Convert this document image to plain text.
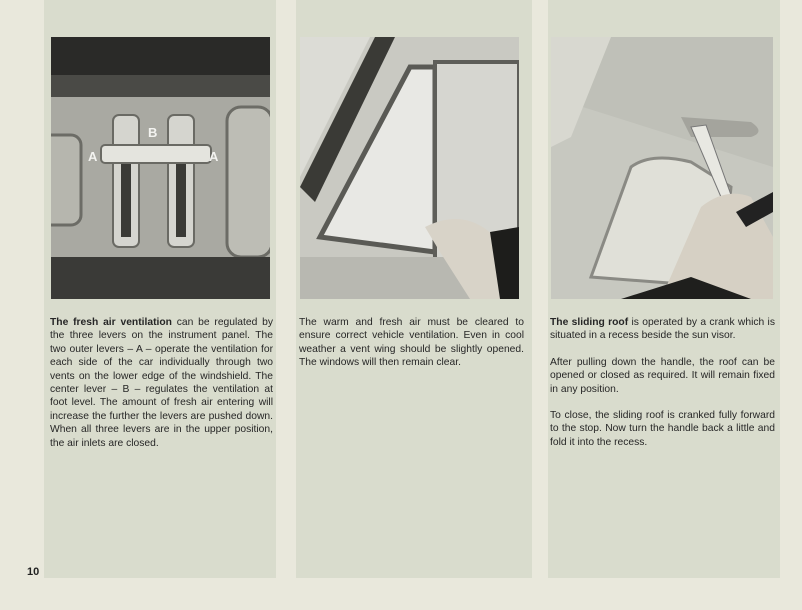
A
B
A

The fresh air ventilation can be regulated by the three levers on the instrument panel. The two outer levers – A – operate the ventilation for each side of the car individually through two vents on the lower edge of the windshield. The center lever – B – regulates the ventilation at foot level. The amount of fresh air entering will increase the further the levers are pushed down. When all three levers are in the upper position, the air inlets are closed.

The warm and fresh air must be cleared to ensure correct vehicle ventilation. Even in cool weather a vent wing should be slightly opened. The windows will then remain clear.

The sliding roof is operated by a crank which is situated in a recess beside the sun visor.

After pulling down the handle, the roof can be opened or closed as required. It will remain fixed in any position.

To close, the sliding roof is cranked fully forward to the stop. Now turn the handle back a little and fold it into the recess.

10
